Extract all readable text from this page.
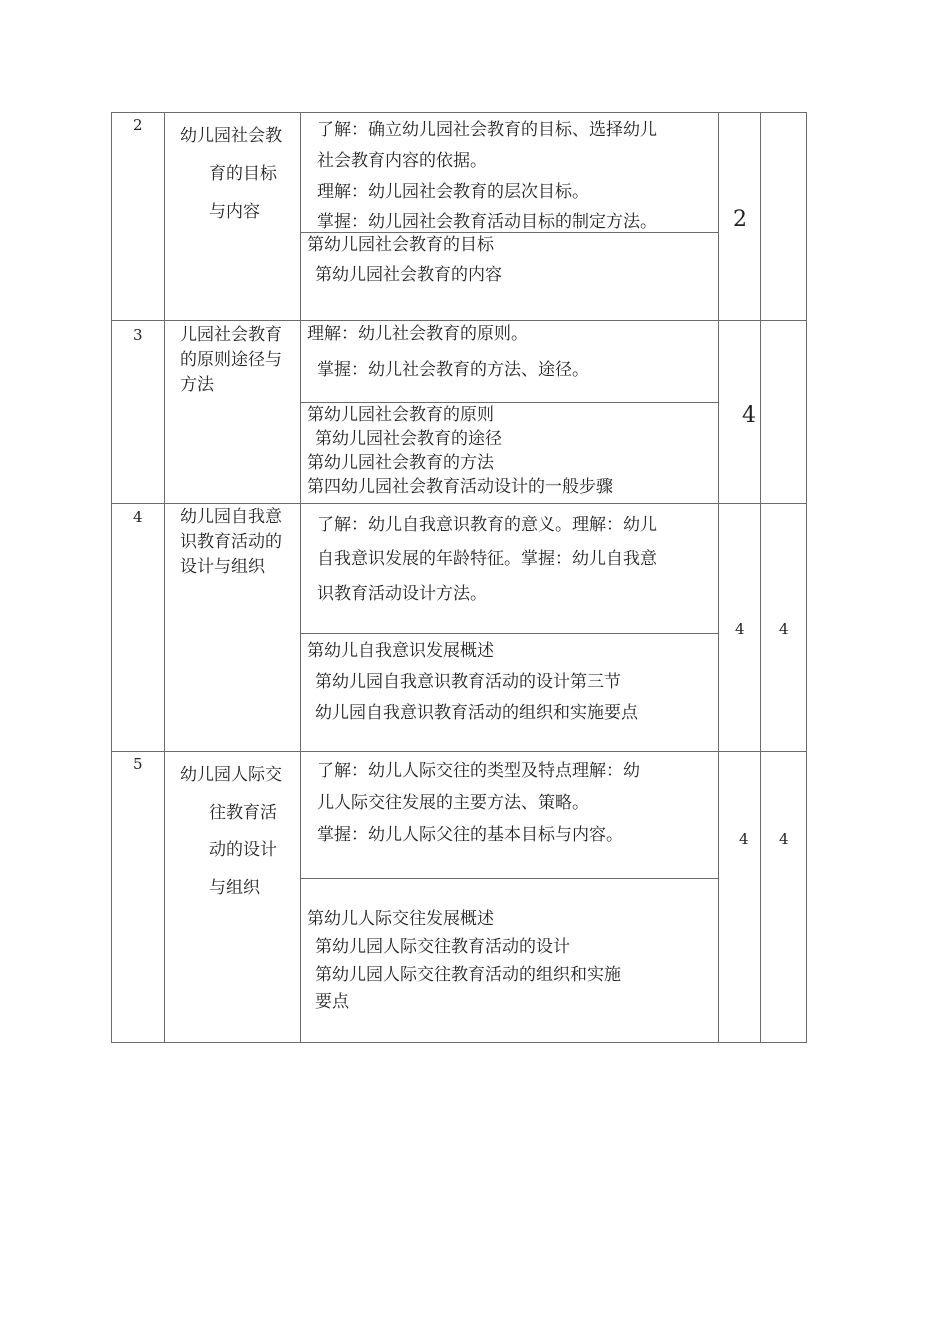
2
幼儿园社会教
育的目标
与内容
了解：确立幼儿园社会教育的目标、选择幼儿
社会教育内容的依据。
理解：幼儿园社会教育的层次目标。
掌握：幼儿园社会教育活动目标的制定方法。
第幼儿园社会教育的目标
第幼儿园社会教育的内容
2
3 儿园社会教育
的原则途径与
方法
理解：幼儿社会教育的原则。
掌握：幼儿社会教育的方法、途径。
第幼儿园社会教育的原则
第幼儿园社会教育的途径
第幼儿园社会教育的方法
第四幼儿园社会教育活动设计的一般步骤
4
4 幼儿园自我意
识教育活动的
设计与组织
了解：幼儿自我意识教育的意义。理解：幼儿
自我意识发展的年龄特征。掌握：幼儿自我意
识教育活动设计方法。
第幼儿自我意识发展概述
第幼儿园自我意识教育活动的设计第三节
幼儿园自我意识教育活动的组织和实施要点
4 4
5
幼儿园人际交
往教育活
动的设计
与组织
了解：幼儿人际交往的类型及特点理解：幼
儿人际交往发展的主要方法、策略。
掌握：幼儿人际父往的基本目标与内容。
第幼儿人际交往发展概述
第幼儿园人际交往教育活动的设计
第幼儿园人际交往教育活动的组织和实施
要点
4 4
